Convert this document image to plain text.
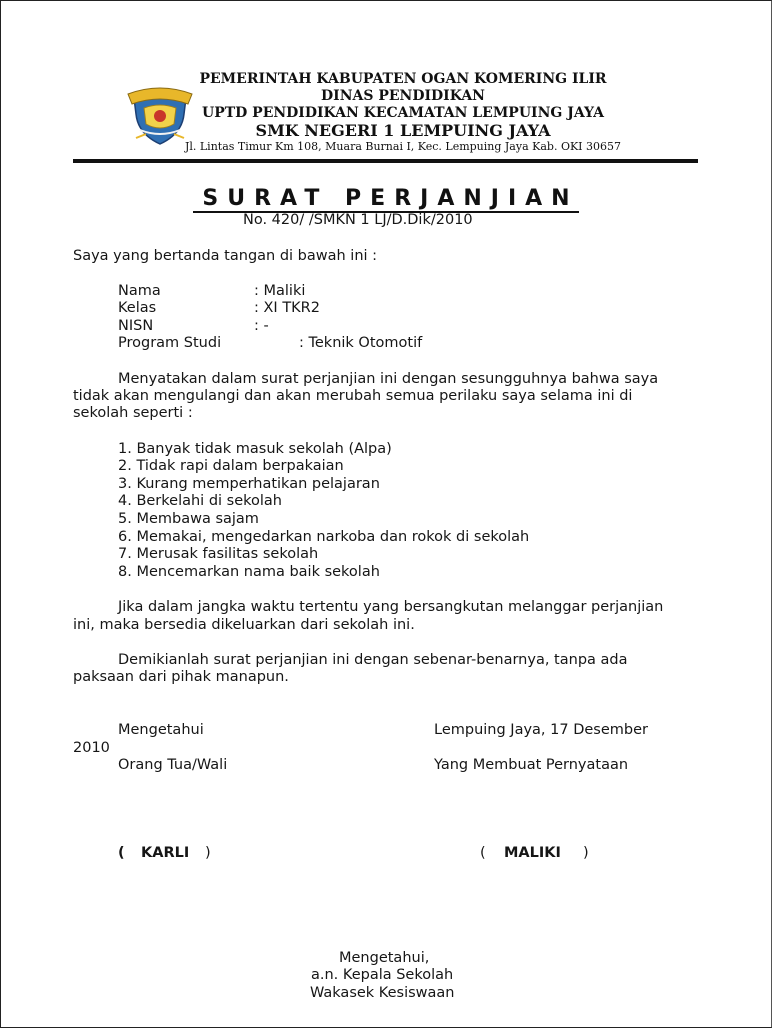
PEMERINTAH KABUPATEN OGAN KOMERING ILIR
DINAS PENDIDIKAN
UPTD PENDIDIKAN KECAMATAN LEMPUING JAYA
SMK NEGERI 1 LEMPUING JAYA
Jl. Lintas Timur Km 108, Muara Burnai I, Kec. Lempuing Jaya Kab. OKI 30657
SURAT PERJANJIAN
No. 420/ /SMKN 1 LJ/D.Dik/2010
Saya yang bertanda tangan di bawah ini :
Nama	: Maliki
Kelas	: XI TKR2
NISN	: -
Program Studi	: Teknik Otomotif
Menyatakan dalam surat perjanjian ini dengan sesungguhnya bahwa saya
tidak akan mengulangi dan akan merubah semua perilaku saya selama ini di
sekolah seperti :
1. Banyak tidak masuk sekolah (Alpa)
2. Tidak rapi dalam berpakaian
3. Kurang memperhatikan pelajaran
4. Berkelahi di sekolah
5. Membawa sajam
6. Memakai, mengedarkan narkoba dan rokok di sekolah
7. Merusak fasilitas sekolah
8. Mencemarkan nama baik sekolah
Jika dalam jangka waktu tertentu yang bersangkutan melanggar perjanjian
ini, maka bersedia dikeluarkan dari sekolah ini.
Demikianlah surat perjanjian ini dengan sebenar-benarnya, tanpa ada
paksaan dari pihak manapun.
Mengetahui	Lempuing Jaya, 17 Desember
2010
Orang Tua/Wali	Yang Membuat Pernyataan
( KARLI )	( MALIKI )
Mengetahui,
a.n. Kepala Sekolah
Wakasek Kesiswaan
